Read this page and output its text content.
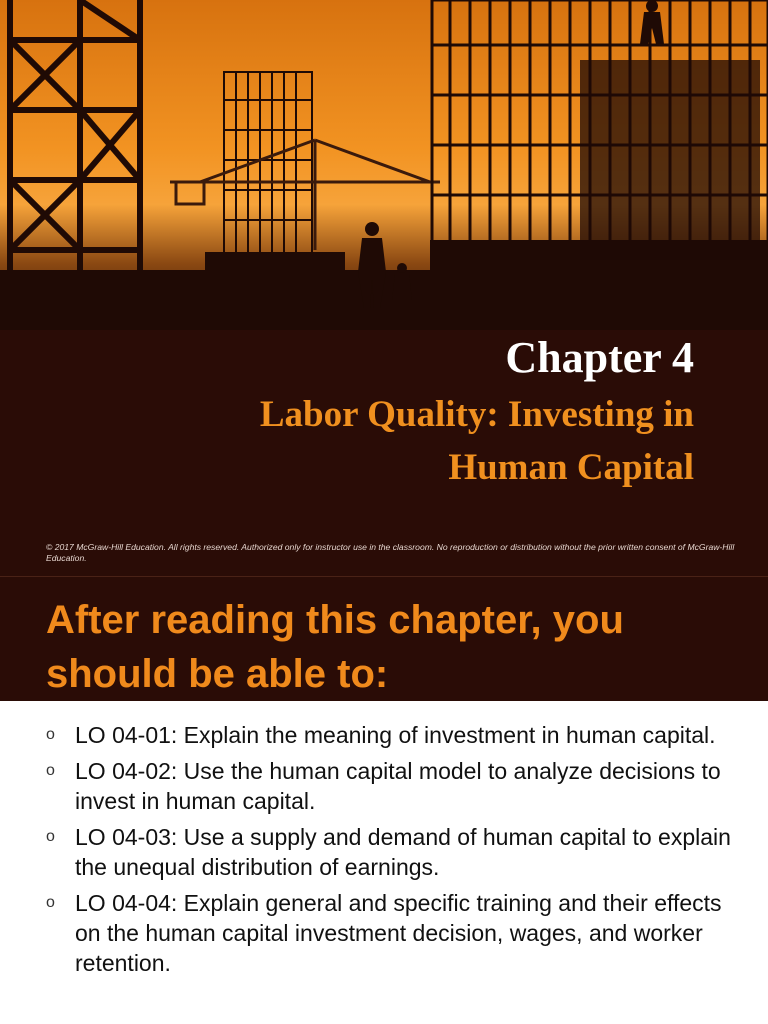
Chapter 4

Labor Quality: Investing in Human Capital

© 2017 McGraw-Hill Education. All rights reserved. Authorized only for instructor use in the classroom. No reproduction or distribution without the prior written consent of McGraw-Hill Education.

After reading this chapter, you should be able to:
o LO 04-01: Explain the meaning of investment in human capital.
o LO 04-02: Use the human capital model to analyze decisions to invest in human capital.
o LO 04-03: Use a supply and demand of human capital to explain the unequal distribution of earnings.
o LO 04-04: Explain general and specific training and their effects on the human capital investment decision, wages, and worker retention.
